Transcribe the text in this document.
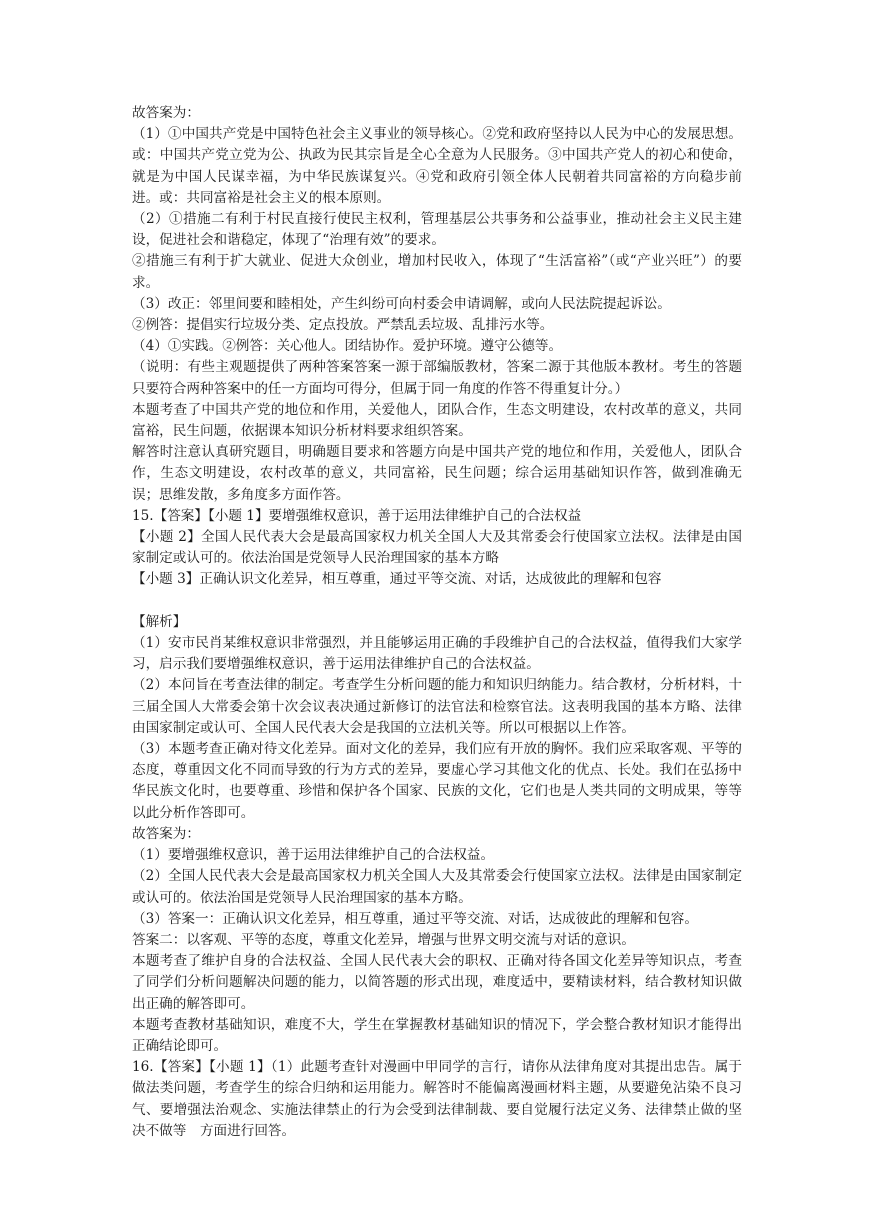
故答案为：

（1）①中国共产党是中国特色社会主义事业的领导核心。②党和政府坚持以人民为中心的发展思想。或：中国共产党立党为公、执政为民其宗旨是全心全意为人民服务。③中国共产党人的初心和使命，就是为中国人民谋幸福，为中华民族谋复兴。④党和政府引领全体人民朝着共同富裕的方向稳步前进。或：共同富裕是社会主义的根本原则。

（2）①措施二有利于村民直接行使民主权利，管理基层公共事务和公益事业，推动社会主义民主建设，促进社会和谐稳定，体现了“治理有效”的要求。

②措施三有利于扩大就业、促进大众创业，增加村民收入，体现了“生活富裕”（或“产业兴旺”）的要求。

（3）改正：邻里间要和睦相处，产生纠纷可向村委会申请调解，或向人民法院提起诉讼。

②例答：提倡实行垃圾分类、定点投放。严禁乱丢垃圾、乱排污水等。

（4）①实践。②例答：关心他人。团结协作。爱护环境。遵守公德等。

（说明：有些主观题提供了两种答案答案一源于部编版教材，答案二源于其他版本教材。考生的答题只要符合两种答案中的任一方面均可得分，但属于同一角度的作答不得重复计分。）

本题考查了中国共产党的地位和作用，关爱他人，团队合作，生态文明建设，农村改革的意义，共同富裕，民生问题，依据课本知识分析材料要求组织答案。

解答时注意认真研究题目，明确题目要求和答题方向是中国共产党的地位和作用，关爱他人，团队合作，生态文明建设，农村改革的意义，共同富裕，民生问题；综合运用基础知识作答，做到准确无误；思维发散，多角度多方面作答。

15.【答案】【小题 1】要增强维权意识，善于运用法律维护自己的合法权益

【小题 2】全国人民代表大会是最高国家权力机关全国人大及其常委会行使国家立法权。法律是由国家制定或认可的。依法治国是党领导人民治理国家的基本方略

【小题 3】正确认识文化差异，相互尊重，通过平等交流、对话，达成彼此的理解和包容

【解析】

（1）安市民肖某维权意识非常强烈，并且能够运用正确的手段维护自己的合法权益，值得我们大家学习，启示我们要增强维权意识，善于运用法律维护自己的合法权益。

（2）本问旨在考查法律的制定。考查学生分析问题的能力和知识归纳能力。结合教材，分析材料，十三届全国人大常委会第十次会议表决通过新修订的法官法和检察官法。这表明我国的基本方略、法律由国家制定或认可、全国人民代表大会是我国的立法机关等。所以可根据以上作答。

（3）本题考查正确对待文化差异。面对文化的差异，我们应有开放的胸怀。我们应采取客观、平等的态度，尊重因文化不同而导致的行为方式的差异，要虚心学习其他文化的优点、长处。我们在弘扬中华民族文化时，也要尊重、珍惜和保护各个国家、民族的文化，它们也是人类共同的文明成果，等等以此分析作答即可。

故答案为：

（1）要增强维权意识，善于运用法律维护自己的合法权益。

（2）全国人民代表大会是最高国家权力机关全国人大及其常委会行使国家立法权。法律是由国家制定或认可的。依法治国是党领导人民治理国家的基本方略。

（3）答案一：正确认识文化差异，相互尊重，通过平等交流、对话，达成彼此的理解和包容。

答案二：以客观、平等的态度，尊重文化差异，增强与世界文明交流与对话的意识。

本题考查了维护自身的合法权益、全国人民代表大会的职权、正确对待各国文化差异等知识点，考查了同学们分析问题解决问题的能力，以简答题的形式出现，难度适中，要精读材料，结合教材知识做出正确的解答即可。

本题考查教材基础知识，难度不大，学生在掌握教材基础知识的情况下，学会整合教材知识才能得出正确结论即可。

16.【答案】【小题 1】（1）此题考查针对漫画中甲同学的言行，请你从法律角度对其提出忠告。属于做法类问题，考查学生的综合归纳和运用能力。解答时不能偏离漫画材料主题，从要避免沾染不良习气、要增强法治观念、实施法律禁止的行为会受到法律制裁、要自觉履行法定义务、法律禁止做的坚决不做等　方面进行回答。
